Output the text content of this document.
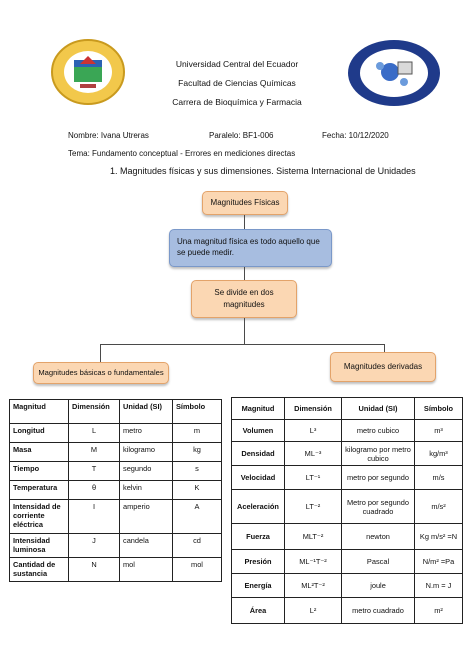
Universidad Central del Ecuador
Facultad de Ciencias Químicas
Carrera de Bioquímica y Farmacia
Nombre: Ivana Utreras	Paralelo: BF1-006	Fecha: 10/12/2020
Tema: Fundamento conceptual - Errores en mediciones directas
1. Magnitudes físicas y sus dimensiones. Sistema Internacional de Unidades
Magnitudes Físicas
Una magnitud física es todo aquello que se puede medir.
Se divide en dos magnitudes
Magnitudes básicas o fundamentales
Magnitudes derivadas
Magnitud	Dimensión	Unidad (SI)	Símbolo
Longitud	L	metro	m
Masa	M	kilogramo	kg
Tiempo	T	segundo	s
Temperatura	θ	kelvin	K
Intensidad de corriente eléctrica	I	amperio	A
Intensidad luminosa	J	candela	cd
Cantidad de sustancia	N	mol	mol
Magnitud	Dimensión	Unidad (SI)	Símbolo
Volumen	L³	metro cubico	m³
Densidad	ML⁻³	kilogramo por metro cubico	kg/m³
Velocidad	LT⁻¹	metro por segundo	m/s
Aceleración	LT⁻²	Metro por segundo cuadrado	m/s²
Fuerza	MLT⁻²	newton	Kg m/s² =N
Presión	ML⁻¹T⁻²	Pascal	N/m² =Pa
Energía	ML²T⁻²	joule	N.m = J
Área	L²	metro cuadrado	m²
